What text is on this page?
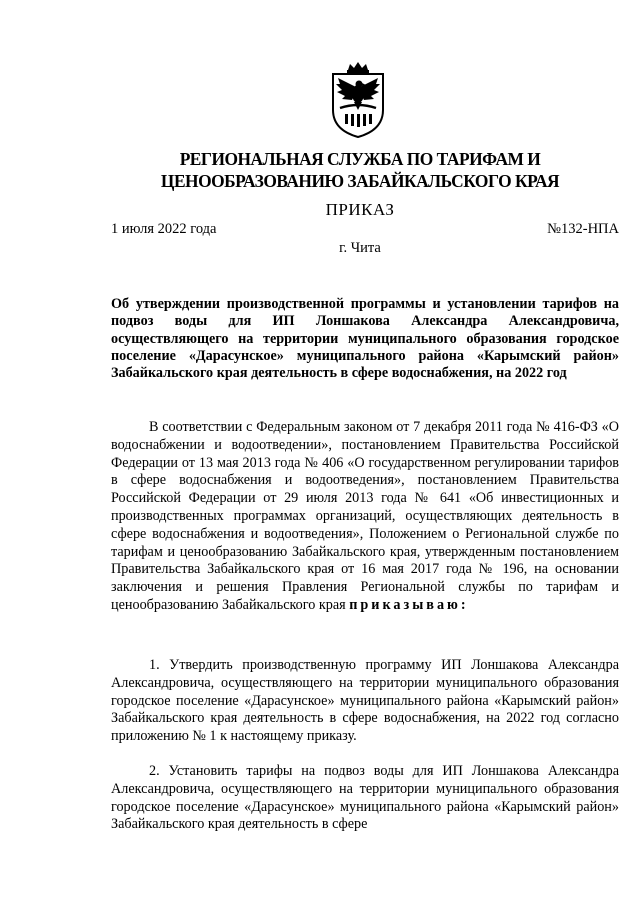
РЕГИОНАЛЬНАЯ СЛУЖБА ПО ТАРИФАМ И ЦЕНООБРАЗОВАНИЮ ЗАБАЙКАЛЬСКОГО КРАЯ
ПРИКАЗ
1 июля 2022 года	№132-НПА
г. Чита

Об утверждении производственной программы и установлении тарифов на подвоз воды для ИП Лоншакова Александра Александровича, осуществляющего на территории муниципального образования городское поселение «Дарасунское» муниципального района «Карымский район» Забайкальского края деятельность в сфере водоснабжения, на 2022 год

В соответствии с Федеральным законом от 7 декабря 2011 года № 416-ФЗ «О водоснабжении и водоотведении», постановлением Правительства Российской Федерации от 13 мая 2013 года № 406 «О государственном регулировании тарифов в сфере водоснабжения и водоотведения», постановлением Правительства Российской Федерации от 29 июля 2013 года № 641 «Об инвестиционных и производственных программах организаций, осуществляющих деятельность в сфере водоснабжения и водоотведения», Положением о Региональной службе по тарифам и ценообразованию Забайкальского края, утвержденным постановлением Правительства Забайкальского края от 16 мая 2017 года № 196, на основании заключения и решения Правления Региональной службы по тарифам и ценообразованию Забайкальского края приказываю:

1. Утвердить производственную программу ИП Лоншакова Александра Александровича, осуществляющего на территории муниципального образования городское поселение «Дарасунское» муниципального района «Карымский район» Забайкальского края деятельность в сфере водоснабжения, на 2022 год согласно приложению № 1 к настоящему приказу.

2. Установить тарифы на подвоз воды для ИП Лоншакова Александра Александровича, осуществляющего на территории муниципального образования городское поселение «Дарасунское» муниципального района «Карымский район» Забайкальского края деятельность в сфере
